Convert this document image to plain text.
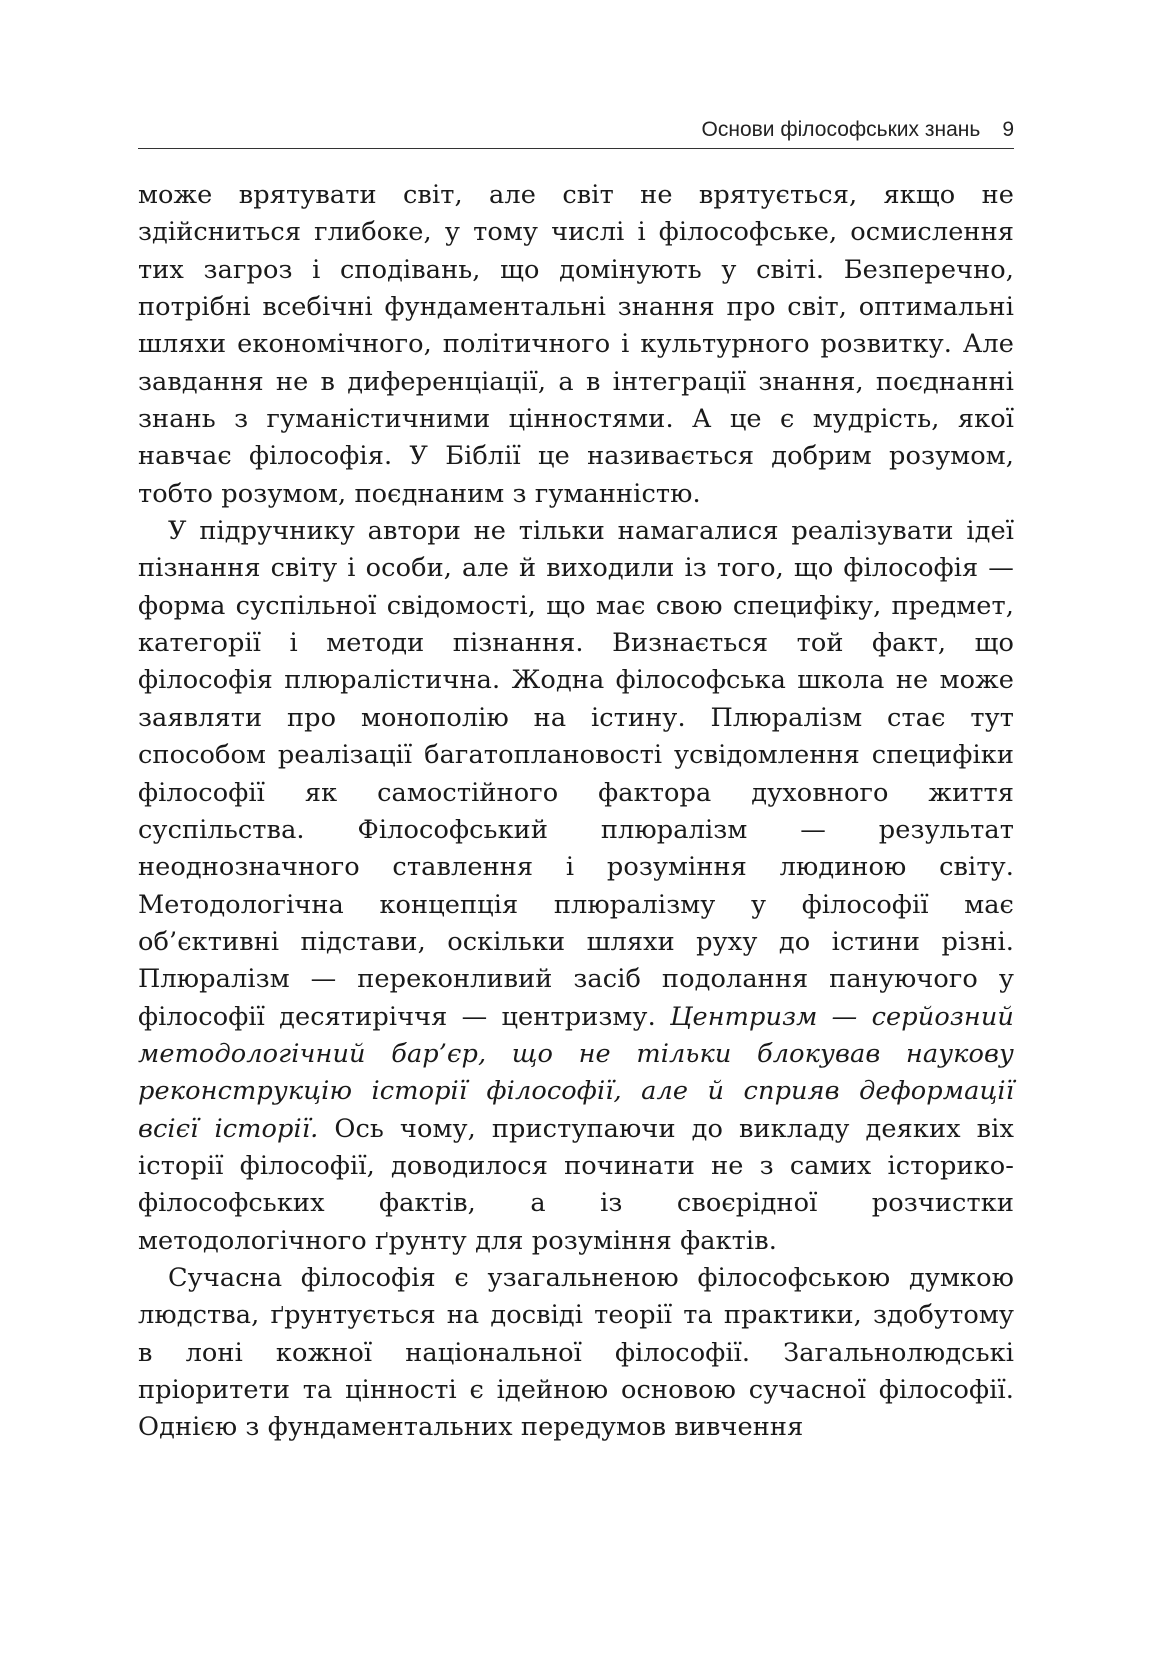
Основи філософських знань 9

може врятувати світ, але світ не врятується, якщо не здійсниться глибоке, у тому числі і філософське, осмислення тих загроз і сподівань, що домінують у світі. Безперечно, потрібні всебічні фундаментальні знання про світ, оптимальні шляхи економічного, політичного і культурного розвитку. Але завдання не в диференціації, а в інтеграції знання, поєднанні знань з гуманістичними цінностями. А це є мудрість, якої навчає філософія. У Біблії це називається добрим розумом, тобто розумом, поєднаним з гуманністю.

У підручнику автори не тільки намагалися реалізувати ідеї пізнання світу і особи, але й виходили із того, що філософія — форма суспільної свідомості, що має свою специфіку, предмет, категорії і методи пізнання. Визнається той факт, що філософія плюралістична. Жодна філософська школа не може заявляти про монополію на істину. Плюралізм стає тут способом реалізації багатоплановості усвідомлення специфіки філософії як самостійного фактора духовного життя суспільства. Філософський плюралізм — результат неоднозначного ставлення і розуміння людиною світу. Методологічна концепція плюралізму у філософії має об’єктивні підстави, оскільки шляхи руху до істини різні. Плюралізм — переконливий засіб подолання пануючого у філософії десятиріччя — центризму. Центризм — серйозний методологічний бар’єр, що не тільки блокував наукову реконструкцію історії філософії, але й сприяв деформації всієї історії. Ось чому, приступаючи до викладу деяких віх історії філософії, доводилося починати не з самих історико-філософських фактів, а із своєрідної розчистки методологічного ґрунту для розуміння фактів.

Сучасна філософія є узагальненою філософською думкою людства, ґрунтується на досвіді теорії та практики, здобутому в лоні кожної національної філософії. Загальнолюдські пріоритети та цінності є ідейною основою сучасної філософії. Однією з фундаментальних передумов вивчення
